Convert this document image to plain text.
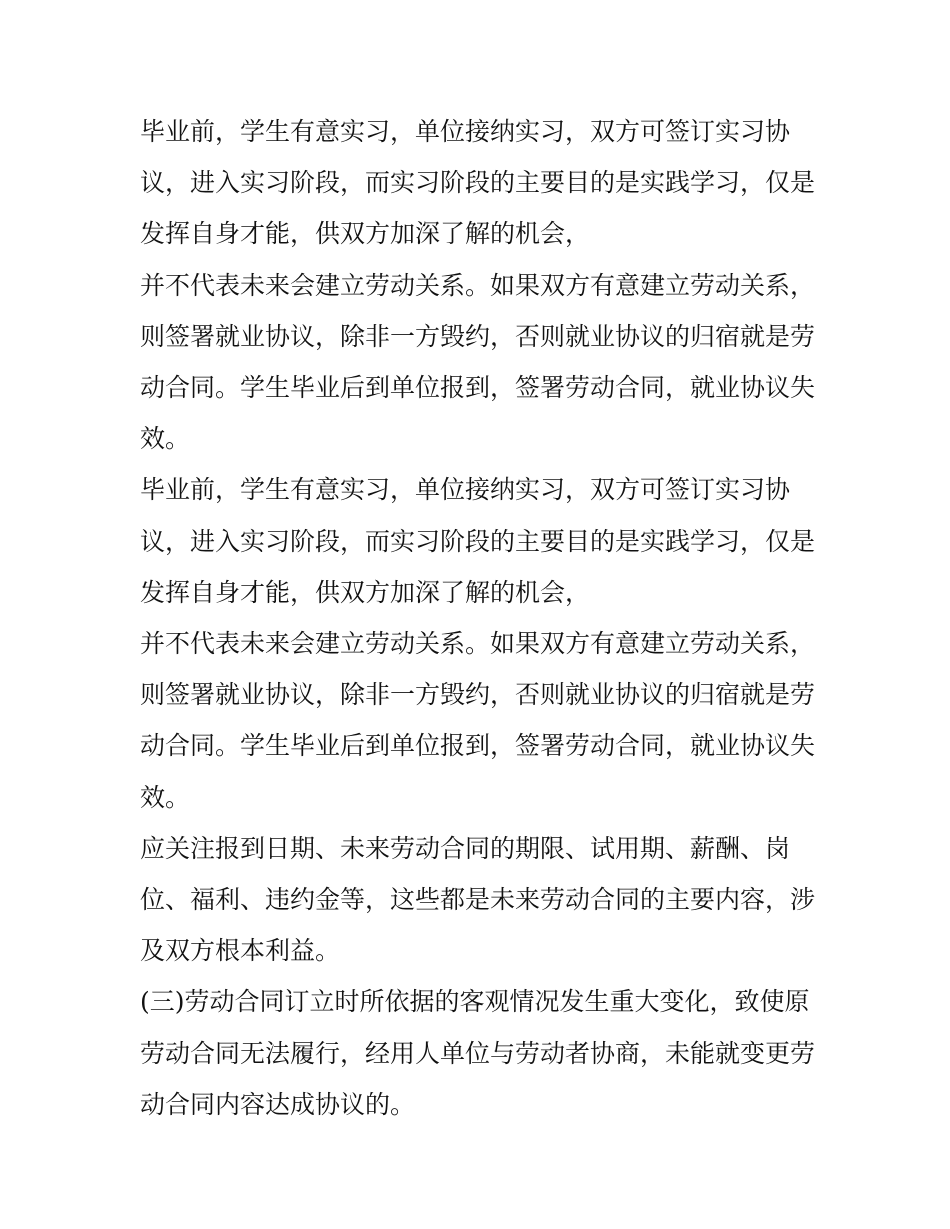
毕业前，学生有意实习，单位接纳实习，双方可签订实习协
议，进入实习阶段，而实习阶段的主要目的是实践学习，仅是
发挥自身才能，供双方加深了解的机会，

并不代表未来会建立劳动关系。如果双方有意建立劳动关系，
则签署就业协议，除非一方毁约，否则就业协议的归宿就是劳
动合同。学生毕业后到单位报到，签署劳动合同，就业协议失
效。

毕业前，学生有意实习，单位接纳实习，双方可签订实习协
议，进入实习阶段，而实习阶段的主要目的是实践学习，仅是
发挥自身才能，供双方加深了解的机会，

并不代表未来会建立劳动关系。如果双方有意建立劳动关系，
则签署就业协议，除非一方毁约，否则就业协议的归宿就是劳
动合同。学生毕业后到单位报到，签署劳动合同，就业协议失
效。

应关注报到日期、未来劳动合同的期限、试用期、薪酬、岗
位、福利、违约金等，这些都是未来劳动合同的主要内容，涉
及双方根本利益。

(三)劳动合同订立时所依据的客观情况发生重大变化，致使原
劳动合同无法履行，经用人单位与劳动者协商，未能就变更劳
动合同内容达成协议的。
